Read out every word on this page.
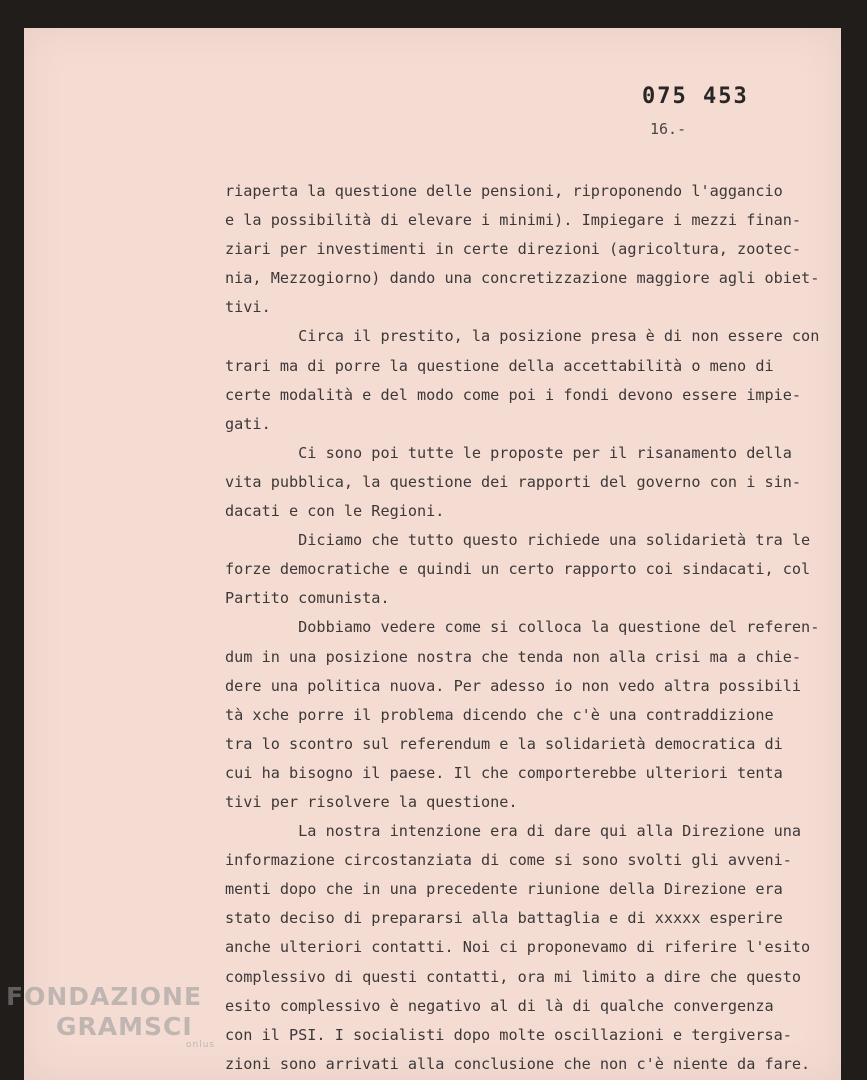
075 453

16.-

riaperta la questione delle pensioni, riproponendo l'aggancio
e la possibilità di elevare i minimi). Impiegare i mezzi finan-
ziari per investimenti in certe direzioni (agricoltura, zootec-
nia, Mezzogiorno) dando una concretizzazione maggiore agli obiet-
tivi.
Circa il prestito, la posizione presa è di non essere con
trari ma di porre la questione della accettabilità o meno di
certe modalità e del modo come poi i fondi devono essere impie-
gati.
Ci sono poi tutte le proposte per il risanamento della
vita pubblica, la questione dei rapporti del governo con i sin-
dacati e con le Regioni.
Diciamo che tutto questo richiede una solidarietà tra le
forze democratiche e quindi un certo rapporto coi sindacati, col
Partito comunista.
Dobbiamo vedere come si colloca la questione del referen-
dum in una posizione nostra che tenda non alla crisi ma a chie-
dere una politica nuova. Per adesso io non vedo altra possibili
tà xche porre il problema dicendo che c'è una contraddizione
tra lo scontro sul referendum e la solidarietà democratica di
cui ha bisogno il paese. Il che comporterebbe ulteriori tenta
tivi per risolvere la questione.
La nostra intenzione era di dare qui alla Direzione una
informazione circostanziata di come si sono svolti gli avveni-
menti dopo che in una precedente riunione della Direzione era
stato deciso di prepararsi alla battaglia e di xxxxx esperire
anche ulteriori contatti. Noi ci proponevamo di riferire l'esito
complessivo di questi contatti, ora mi limito a dire che questo
esito complessivo è negativo al di là di qualche convergenza
con il PSI. I socialisti dopo molte oscillazioni e tergiversa-
zioni sono arrivati alla conclusione che non c'è niente da fare.
FONDAZIONE
GRAMSCI
onlus
